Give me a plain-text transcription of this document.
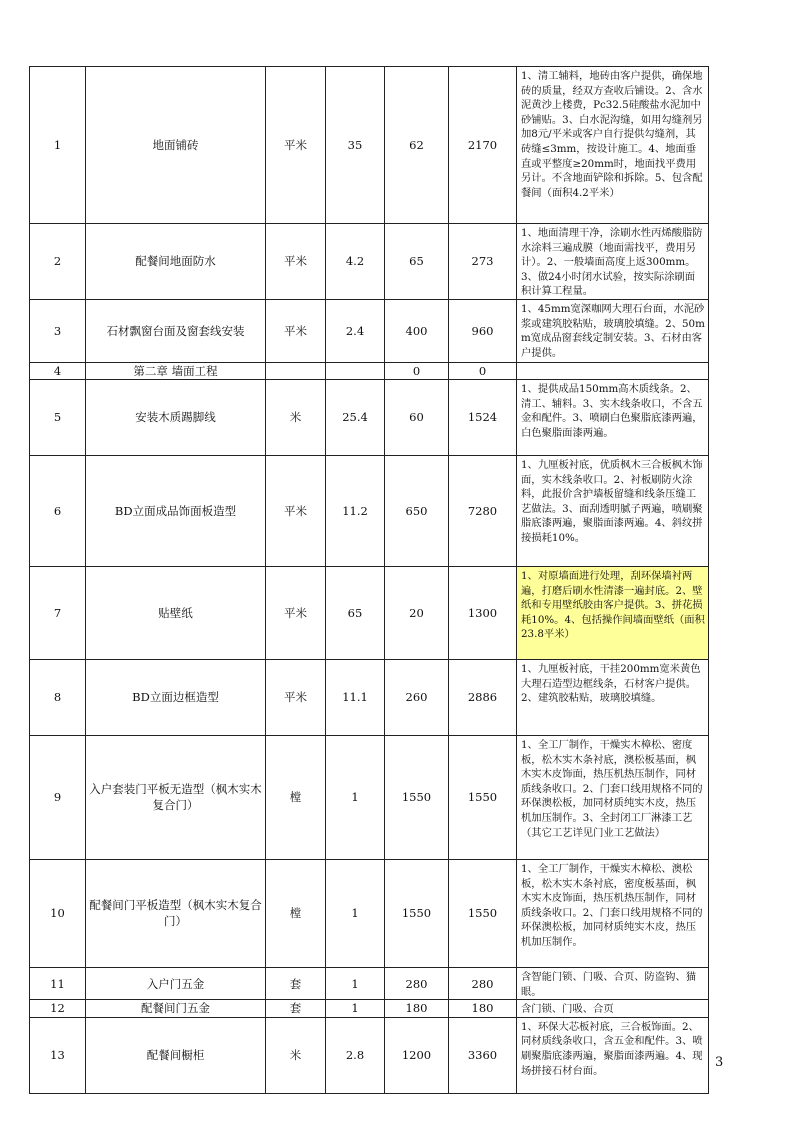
1	地面铺砖	平米	35	62	2170	1、清工辅料，地砖由客户提供，确保地砖的质量，经双方查收后铺设。2、含水泥黄沙上楼费，Pc32.5硅酸盐水泥加中砂铺贴。3、白水泥沟缝，如用勾缝剂另加8元/平米或客户自行提供勾缝剂，其砖缝≤3mm，按设计施工。4、地面垂直或平整度≥20mm时，地面找平费用另计。不含地面铲除和拆除。5、包含配餐间（面积4.2平米）
2	配餐间地面防水	平米	4.2	65	273	1、地面清理干净，涂刷水性丙烯酸脂防水涂料三遍成膜（地面需找平，费用另计）。2、一般墙面高度上返300mm。3、做24小时闭水试验，按实际涂刷面积计算工程量。
3	石材飘窗台面及窗套线安装	平米	2.4	400	960	1、45mm宽深咖网大理石台面，水泥砂浆或建筑胶粘贴，玻璃胶填缝。2、50mm宽成品窗套线定制安装。3、石材由客户提供。
4	第二章 墙面工程			0	0	
5	安装木质踢脚线	米	25.4	60	1524	1、提供成品150mm高木质线条。2、清工、辅料。3、实木线条收口，不含五金和配件。3、喷刷白色聚脂底漆两遍，白色聚脂面漆两遍。
6	BD立面成品饰面板造型	平米	11.2	650	7280	1、九厘板衬底，优质枫木三合板枫木饰面，实木线条收口。2、衬板刷防火涂料，此报价含护墙板留缝和线条压缝工艺做法。3、面刮透明腻子两遍，喷刷聚脂底漆两遍，聚脂面漆两遍。4、斜纹拼接损耗10%。
7	贴壁纸	平米	65	20	1300	1、对原墙面进行处理，刮环保墙衬两遍，打磨后刷水性清漆一遍封底。2、壁纸和专用壁纸胶由客户提供。3、拼花损耗10%。4、包括操作间墙面壁纸（面积23.8平米）
8	BD立面边框造型	平米	11.1	260	2886	1、九厘板衬底，干挂200mm宽米黄色大理石造型边框线条，石材客户提供。2、建筑胶粘贴，玻璃胶填缝。
9	入户套装门平板无造型（枫木实木复合门）	樘	1	1550	1550	1、全工厂制作，干燥实木樟松、密度板，松木实木条衬底，澳松板基面，枫木实木皮饰面，热压机热压制作，同材质线条收口。2、门套口线用规格不同的环保澳松板，加同材质纯实木皮，热压机加压制作。3、全封闭工厂淋漆工艺（其它工艺详见门业工艺做法）
10	配餐间门平板造型（枫木实木复合门）	樘	1	1550	1550	1、全工厂制作，干燥实木樟松、澳松板，松木实木条衬底，密度板基面，枫木实木皮饰面，热压机热压制作，同材质线条收口。2、门套口线用规格不同的环保澳松板，加同材质纯实木皮，热压机加压制作。
11	入户门五金	套	1	280	280	含智能门锁、门吸、合页、防盗钩、猫眼。
12	配餐间门五金	套	1	180	180	含门锁、门吸、合页
13	配餐间橱柜	米	2.8	1200	3360	1、环保大芯板衬底，三合板饰面。2、同材质线条收口，含五金和配件。3、喷刷聚脂底漆两遍，聚脂面漆两遍。4、现场拼接石材台面。
3
